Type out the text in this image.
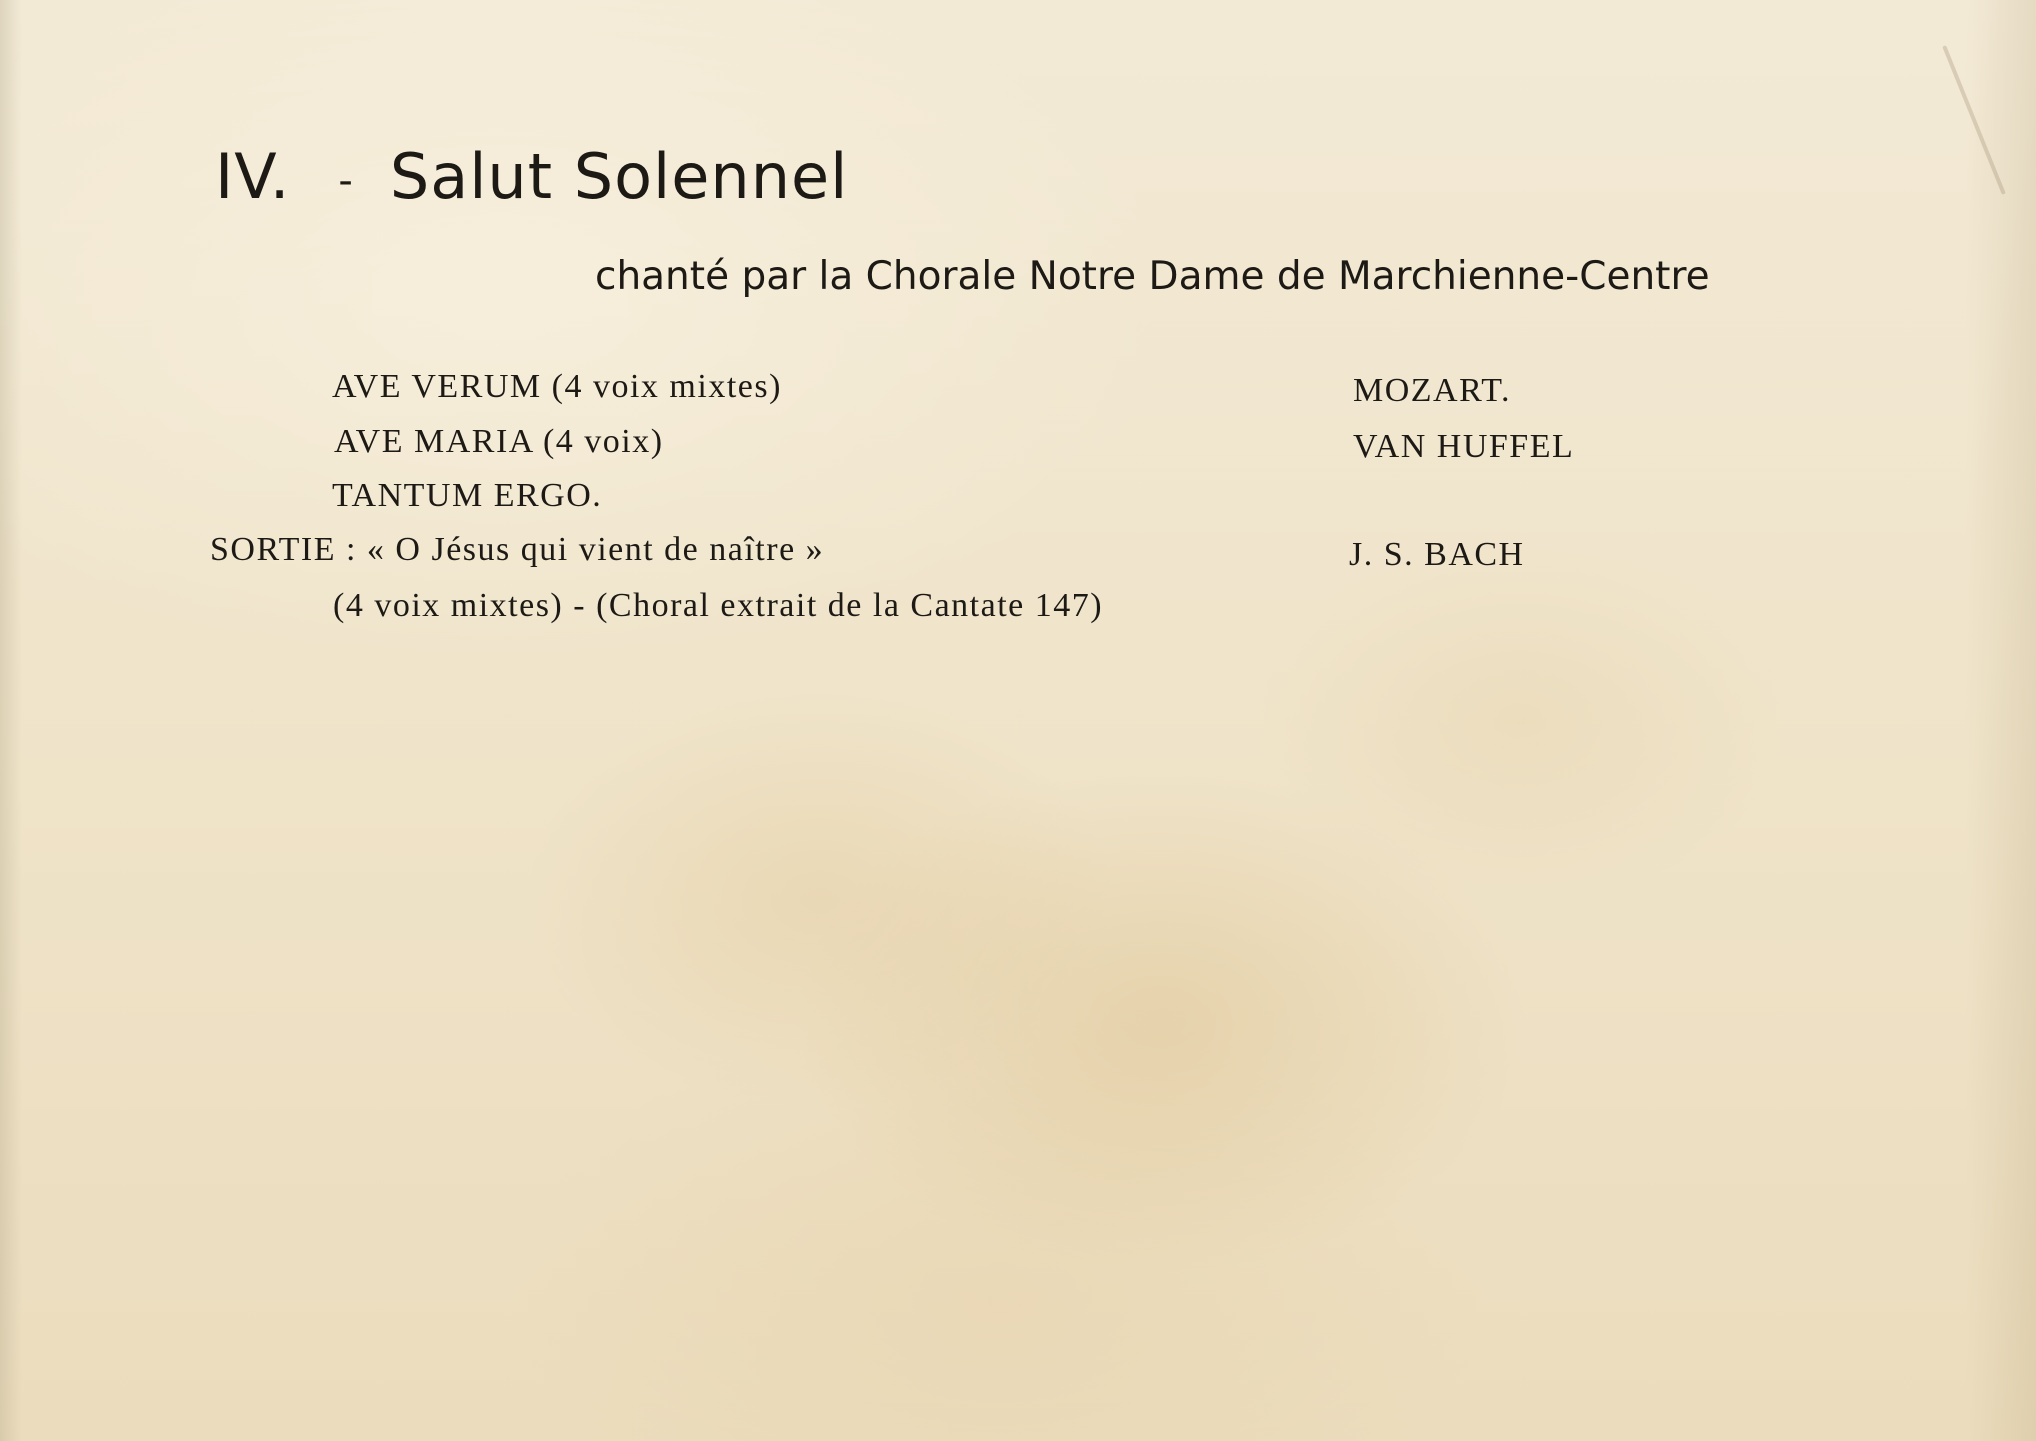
IV. - Salut Solennel
chanté par la Chorale Notre Dame de Marchienne-Centre
AVE VERUM (4 voix mixtes)	MOZART.
AVE MARIA (4 voix)	VAN HUFFEL
TANTUM ERGO.
SORTIE : « O Jésus qui vient de naître »	J. S. BACH
(4 voix mixtes) - (Choral extrait de la Cantate 147)
